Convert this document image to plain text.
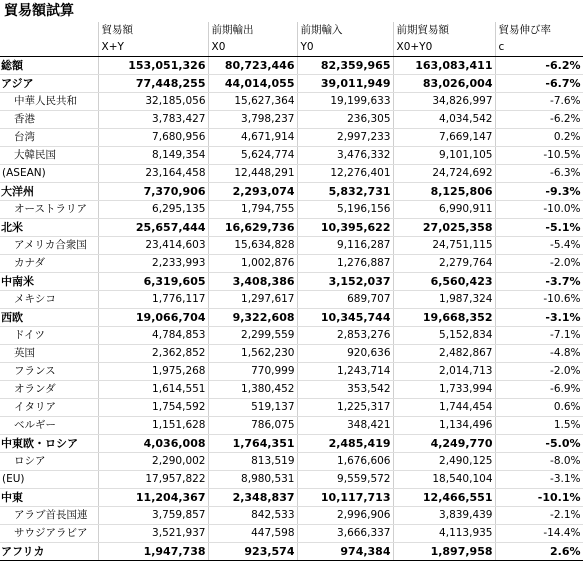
貿易額試算
	貿易額	前期輸出	前期輸入	前期貿易額	貿易伸び率
	X+Y	X0	Y0	X0+Y0	c
総額	153,051,326	80,723,446	82,359,965	163,083,411	-6.2%
アジア	77,448,255	44,014,055	39,011,949	83,026,004	-6.7%
中華人民共和	32,185,056	15,627,364	19,199,633	34,826,997	-7.6%
香港	3,783,427	3,798,237	236,305	4,034,542	-6.2%
台湾	7,680,956	4,671,914	2,997,233	7,669,147	0.2%
大韓民国	8,149,354	5,624,774	3,476,332	9,101,105	-10.5%
(ASEAN)	23,164,458	12,448,291	12,276,401	24,724,692	-6.3%
大洋州	7,370,906	2,293,074	5,832,731	8,125,806	-9.3%
オーストラリア	6,295,135	1,794,755	5,196,156	6,990,911	-10.0%
北米	25,657,444	16,629,736	10,395,622	27,025,358	-5.1%
アメリカ合衆国	23,414,603	15,634,828	9,116,287	24,751,115	-5.4%
カナダ	2,233,993	1,002,876	1,276,887	2,279,764	-2.0%
中南米	6,319,605	3,408,386	3,152,037	6,560,423	-3.7%
メキシコ	1,776,117	1,297,617	689,707	1,987,324	-10.6%
西欧	19,066,704	9,322,608	10,345,744	19,668,352	-3.1%
ドイツ	4,784,853	2,299,559	2,853,276	5,152,834	-7.1%
英国	2,362,852	1,562,230	920,636	2,482,867	-4.8%
フランス	1,975,268	770,999	1,243,714	2,014,713	-2.0%
オランダ	1,614,551	1,380,452	353,542	1,733,994	-6.9%
イタリア	1,754,592	519,137	1,225,317	1,744,454	0.6%
ベルギー	1,151,628	786,075	348,421	1,134,496	1.5%
中東欧・ロシア	4,036,008	1,764,351	2,485,419	4,249,770	-5.0%
ロシア	2,290,002	813,519	1,676,606	2,490,125	-8.0%
(EU)	17,957,822	8,980,531	9,559,572	18,540,104	-3.1%
中東	11,204,367	2,348,837	10,117,713	12,466,551	-10.1%
アラブ首長国連	3,759,857	842,533	2,996,906	3,839,439	-2.1%
サウジアラビア	3,521,937	447,598	3,666,337	4,113,935	-14.4%
アフリカ	1,947,738	923,574	974,384	1,897,958	2.6%
